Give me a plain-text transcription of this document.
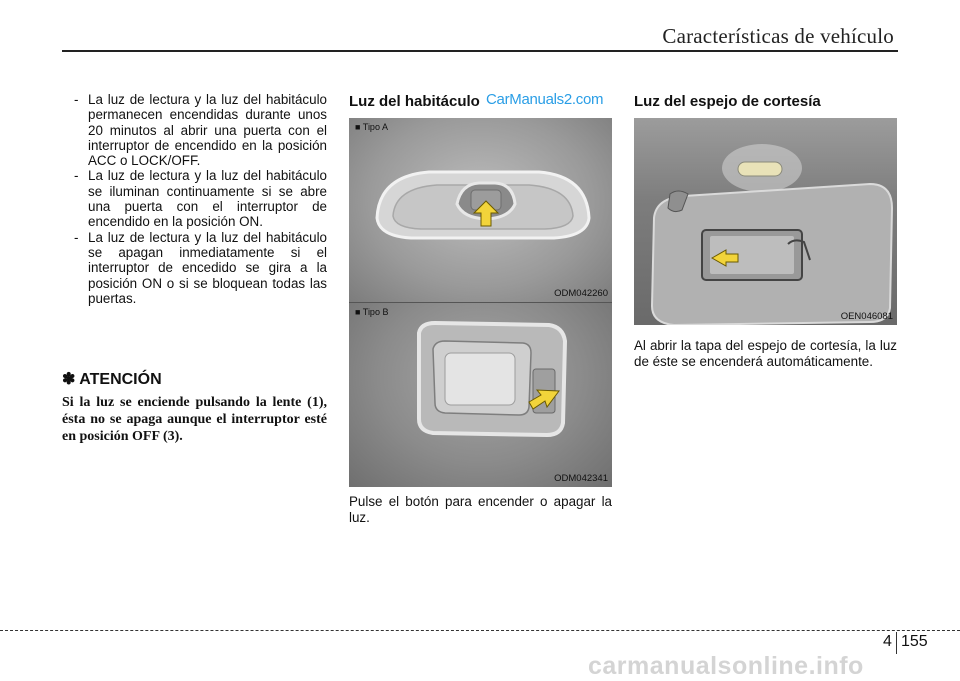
Características de vehículo
- La luz de lectura y la luz del habitáculo permanecen encendidas durante unos 20 minutos al abrir una puerta con el interruptor de encendido en la posición ACC o LOCK/OFF.
- La luz de lectura y la luz del habitáculo se iluminan continuamente si se abre una puerta con el interruptor de encendido en la posición ON.
- La luz de lectura y la luz del habitáculo se apagan inmediatamente si el interruptor de encedido se gira a la posición ON o si se bloquean todas las puertas.
✽ ATENCIÓN
Si la luz se enciende pulsando la lente (1), ésta no se apaga aunque el interruptor esté en posición OFF (3).
Luz del habitáculo CarManuals2.com
■ Tipo A
ODM042260
■ Tipo B
ODM042341
Pulse el botón para encender o apagar la luz.
Luz del espejo de cortesía
OEN046081
Al abrir la tapa del espejo de cortesía, la luz de éste se encenderá automáticamente.
4 155
carmanualsonline.info
